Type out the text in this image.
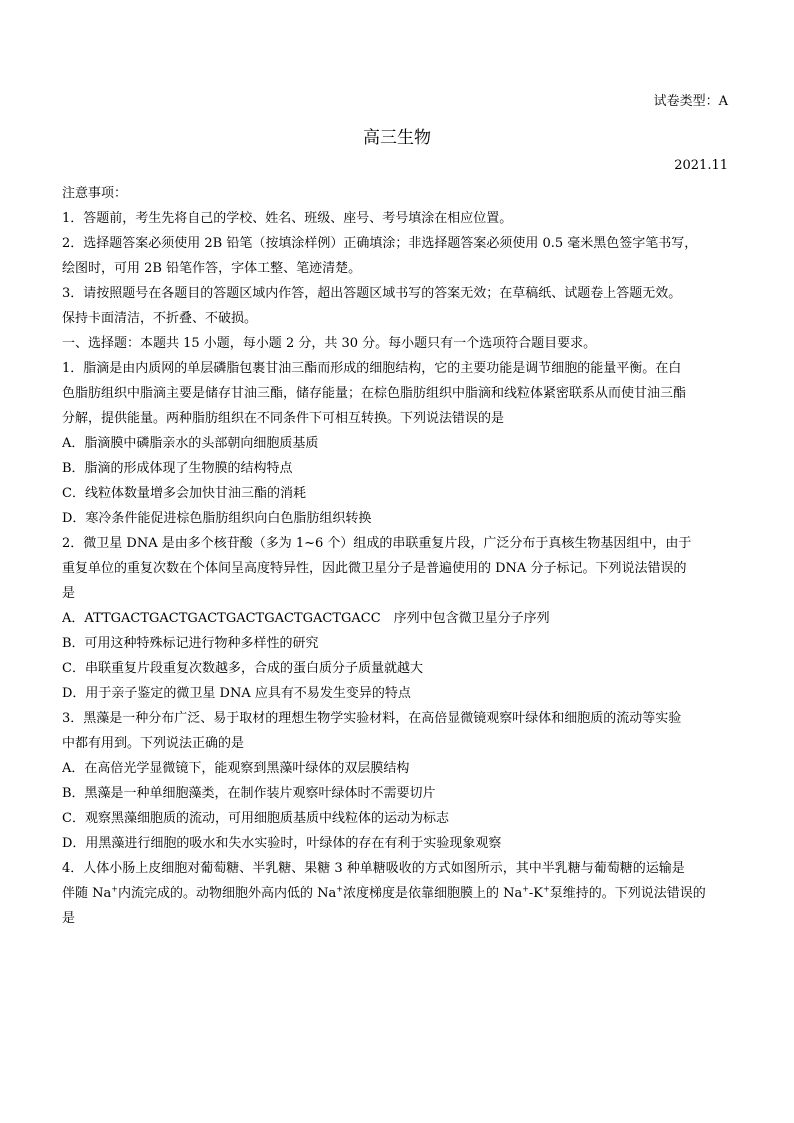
试卷类型：A
高三生物
2021.11
注意事项：
1．答题前，考生先将自己的学校、姓名、班级、座号、考号填涂在相应位置。
2．选择题答案必须使用 2B 铅笔（按填涂样例）正确填涂；非选择题答案必须使用 0.5 毫米黑色签字笔书写，
绘图时，可用 2B 铅笔作答，字体工整、笔迹清楚。
3．请按照题号在各题目的答题区域内作答，超出答题区域书写的答案无效；在草稿纸、试题卷上答题无效。
保持卡面清洁，不折叠、不破损。
一、选择题：本题共 15 小题，每小题 2 分，共 30 分。每小题只有一个选项符合题目要求。
1．脂滴是由内质网的单层磷脂包裹甘油三酯而形成的细胞结构，它的主要功能是调节细胞的能量平衡。在白
色脂肪组织中脂滴主要是储存甘油三酯，储存能量；在棕色脂肪组织中脂滴和线粒体紧密联系从而使甘油三酯
分解，提供能量。两种脂肪组织在不同条件下可相互转换。下列说法错误的是
A．脂滴膜中磷脂亲水的头部朝向细胞质基质
B．脂滴的形成体现了生物膜的结构特点
C．线粒体数量增多会加快甘油三酯的消耗
D．寒冷条件能促进棕色脂肪组织向白色脂肪组织转换
2．微卫星 DNA 是由多个核苷酸（多为 1~6 个）组成的串联重复片段，广泛分布于真核生物基因组中，由于
重复单位的重复次数在个体间呈高度特异性，因此微卫星分子是普遍使用的 DNA 分子标记。下列说法错误的
是
A．ATTGACTGACTGACTGACTGACTGACTGACC　序列中包含微卫星分子序列
B．可用这种特殊标记进行物种多样性的研究
C．串联重复片段重复次数越多，合成的蛋白质分子质量就越大
D．用于亲子鉴定的微卫星 DNA 应具有不易发生变异的特点
3．黑藻是一种分布广泛、易于取材的理想生物学实验材料，在高倍显微镜观察叶绿体和细胞质的流动等实验
中都有用到。下列说法正确的是
A．在高倍光学显微镜下，能观察到黑藻叶绿体的双层膜结构
B．黑藻是一种单细胞藻类，在制作装片观察叶绿体时不需要切片
C．观察黑藻细胞质的流动，可用细胞质基质中线粒体的运动为标志
D．用黑藻进行细胞的吸水和失水实验时，叶绿体的存在有利于实验现象观察
4．人体小肠上皮细胞对葡萄糖、半乳糖、果糖 3 种单糖吸收的方式如图所示，其中半乳糖与葡萄糖的运输是
伴随 Na+内流完成的。动物细胞外高内低的 Na+浓度梯度是依靠细胞膜上的 Na+-K+泵维持的。下列说法错误的
是
